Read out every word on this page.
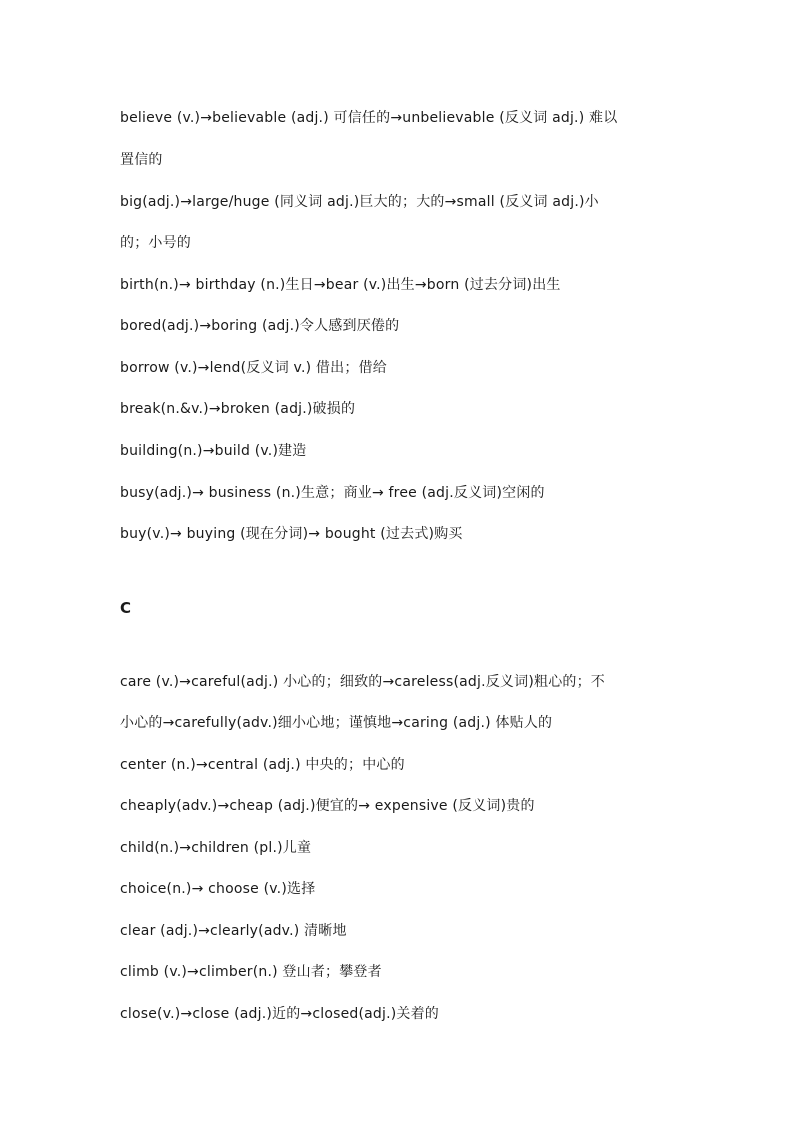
believe (v.)→believable (adj.) 可信任的→unbelievable (反义词 adj.) 难以
置信的
big(adj.)→large/huge (同义词 adj.)巨大的；大的→small (反义词 adj.)小
的；小号的
birth(n.)→ birthday (n.)生日→bear (v.)出生→born (过去分词)出生
bored(adj.)→boring (adj.)令人感到厌倦的
borrow (v.)→lend(反义词 v.) 借出；借给
break(n.&v.)→broken (adj.)破损的
building(n.)→build (v.)建造
busy(adj.)→ business (n.)生意；商业→ free (adj.反义词)空闲的
buy(v.)→ buying (现在分词)→ bought (过去式)购买
C
care (v.)→careful(adj.) 小心的；细致的→careless(adj.反义词)粗心的；不
小心的→carefully(adv.)细小心地；谨慎地→caring (adj.) 体贴人的
center (n.)→central (adj.) 中央的；中心的
cheaply(adv.)→cheap (adj.)便宜的→ expensive (反义词)贵的
child(n.)→children (pl.)儿童
choice(n.)→ choose (v.)选择
clear (adj.)→clearly(adv.) 清晰地
climb (v.)→climber(n.) 登山者；攀登者
close(v.)→close (adj.)近的→closed(adj.)关着的
